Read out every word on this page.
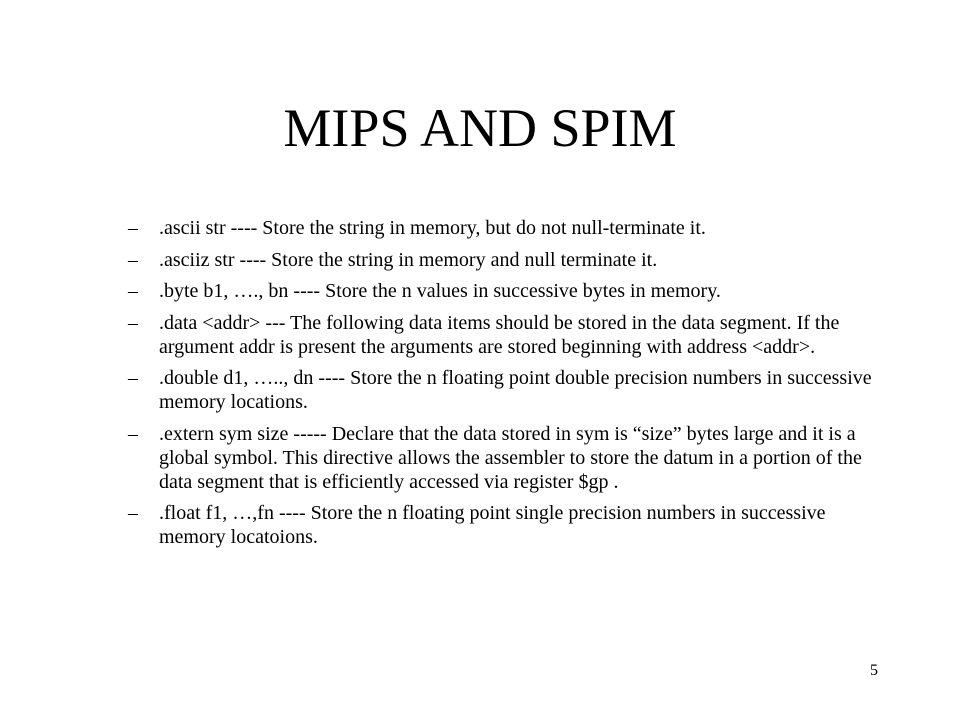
MIPS AND SPIM
– .ascii str ---- Store the string in memory, but do not null-terminate it.
– .asciiz str ---- Store the string in memory and null terminate it.
– .byte b1, …., bn ---- Store the n values in successive bytes in memory.
– .data <addr> --- The following data items should be stored in the data segment. If the argument addr is present the arguments are stored beginning with address <addr>.
– .double d1, ….., dn ---- Store the n floating point double precision numbers in successive memory locations.
– .extern sym size ----- Declare that the data stored in sym is “size” bytes large and it is a global symbol. This directive allows the assembler to store the datum in a portion of the data segment that is efficiently accessed via register $gp .
– .float f1, …,fn ---- Store the n floating point single precision numbers in successive memory locatoions.
5
